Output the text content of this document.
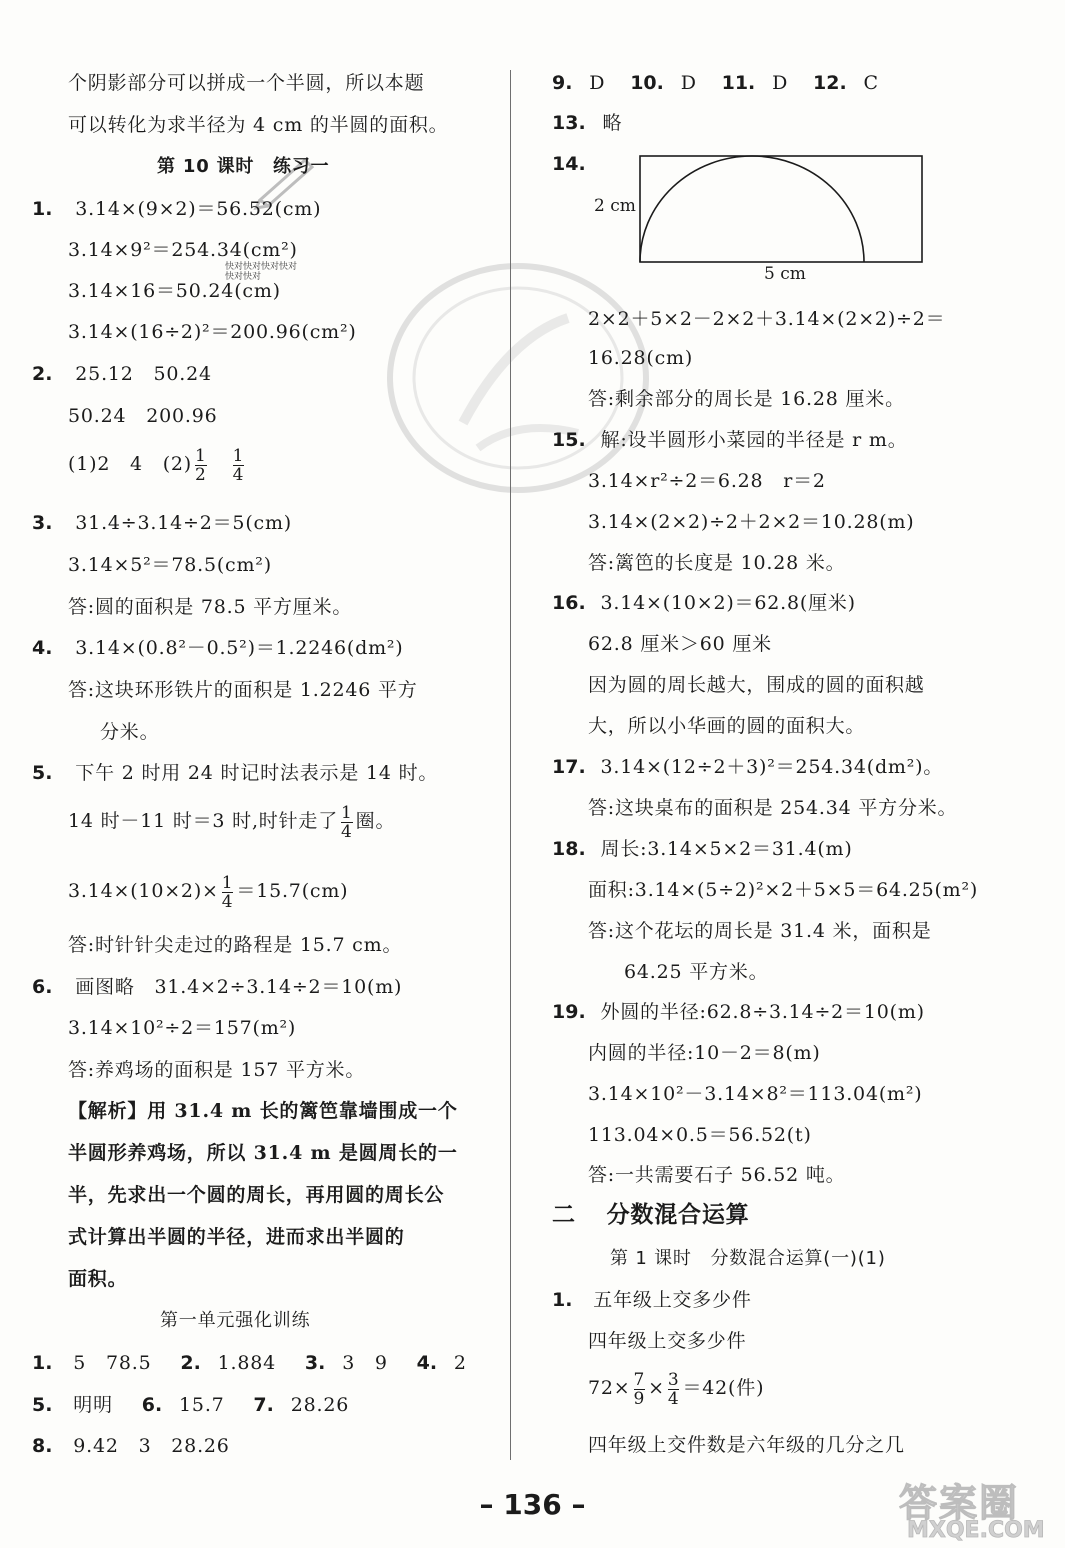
快对快对快对快对快对快对
个阴影部分可以拼成一个半圆，所以本题
可以转化为求半径为 4 cm 的半圆的面积。
第 10 课时　练习一
1. 3.14×(9×2)＝56.52(cm)
3.14×9²＝254.34(cm²)
3.14×16＝50.24(cm)
3.14×(16÷2)²＝200.96(cm²)
2. 25.12　50.24
50.24　200.96
(1)2　4　$(2) \frac{1}{2} \frac{1}{4}$
3. 31.4÷3.14÷2＝5(cm)
3.14×5²＝78.5(cm²)
答:圆的面积是 78.5 平方厘米。
4. 3.14×(0.8²－0.5²)＝1.2246(dm²)
答:这块环形铁片的面积是 1.2246 平方
分米。
5. 下午 2 时用 24 时记时法表示是 14 时。
14 时－11 时＝3 时,时针走了 $\frac{1}{4}$ 圈。
$3.14\times(10\times 2)\times \frac{1}{4} =15.7(cm)$
答:时针针尖走过的路程是 15.7 cm。
6. 画图略　31.4×2÷3.14÷2＝10(m)
3.14×10²÷2＝157(m²)
答:养鸡场的面积是 157 平方米。
【解析】用 31.4 m 长的篱笆靠墙围成一个
半圆形养鸡场，所以 31.4 m 是圆周长的一
半，先求出一个圆的周长，再用圆的周长公
式计算出半圆的半径，进而求出半圆的
面积。
第一单元强化训练
1. 5　78.5 2. 1.884 3. 3　9 4. 2
5. 明明 6. 15.7 7. 28.26
8. 9.42　3　28.26
9. D 10. D 11. D 12. C
13. 略
14.
2 cm
5 cm
2×2＋5×2－2×2＋3.14×(2×2)÷2＝
16.28(cm)
答:剩余部分的周长是 16.28 厘米。
15. 解:设半圆形小菜园的半径是 r m。
3.14×r²÷2＝6.28　r＝2
3.14×(2×2)÷2＋2×2＝10.28(m)
答:篱笆的长度是 10.28 米。
16. 3.14×(10×2)＝62.8(厘米)
62.8 厘米＞60 厘米
因为圆的周长越大，围成的圆的面积越
大，所以小华画的圆的面积大。
17. 3.14×(12÷2＋3)²＝254.34(dm²)。
答:这块桌布的面积是 254.34 平方分米。
18. 周长:3.14×5×2＝31.4(m)
面积:3.14×(5÷2)²×2＋5×5＝64.25(m²)
答:这个花坛的周长是 31.4 米，面积是
64.25 平方米。
19. 外圆的半径:62.8÷3.14÷2＝10(m)
内圆的半径:10－2＝8(m)
3.14×10²－3.14×8²＝113.04(m²)
113.04×0.5＝56.52(t)
答:一共需要石子 56.52 吨。
二 分数混合运算
第 1 课时　分数混合运算(一)(1)
1. 五年级上交多少件
四年级上交多少件
$72\times \frac{7}{9} \times \frac{3}{4} =42$(件)
四年级上交件数是六年级的几分之几
– 136 –	答案圈
MXQE.COM
